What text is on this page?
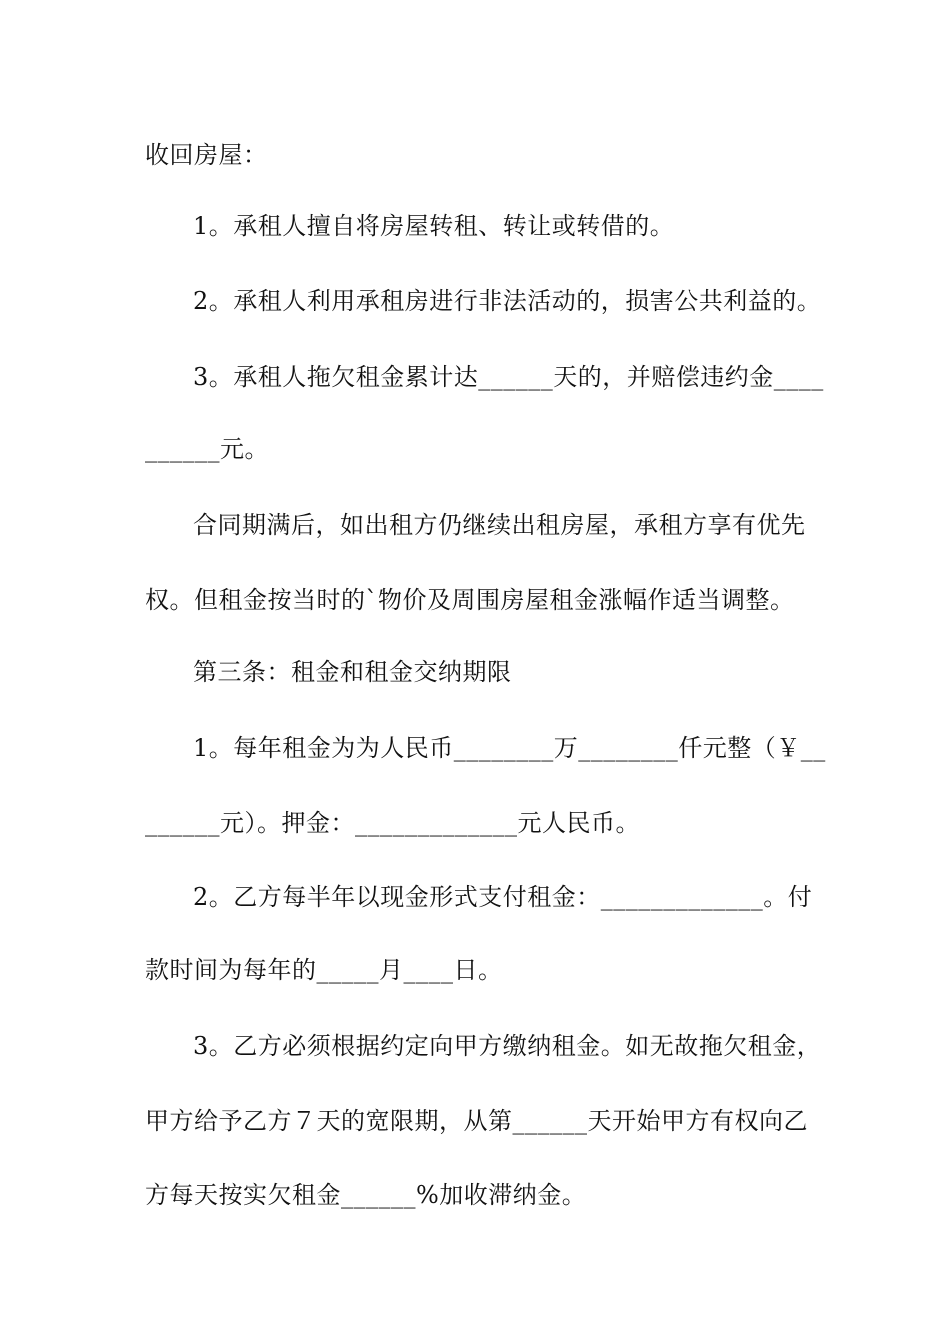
收回房屋：
1。承租人擅自将房屋转租、转让或转借的。
2。承租人利用承租房进行非法活动的，损害公共利益的。
3。承租人拖欠租金累计达______天的，并赔偿违约金____
______元。
合同期满后，如出租方仍继续出租房屋，承租方享有优先
权。但租金按当时的`物价及周围房屋租金涨幅作适当调整。
第三条：租金和租金交纳期限
1。每年租金为为人民币________万________仟元整（￥__
______元）。押金：_____________元人民币。
2。乙方每半年以现金形式支付租金：_____________。付
款时间为每年的_____月____日。
3。乙方必须根据约定向甲方缴纳租金。如无故拖欠租金，
甲方给予乙方７天的宽限期，从第______天开始甲方有权向乙
方每天按实欠租金______%加收滞纳金。
